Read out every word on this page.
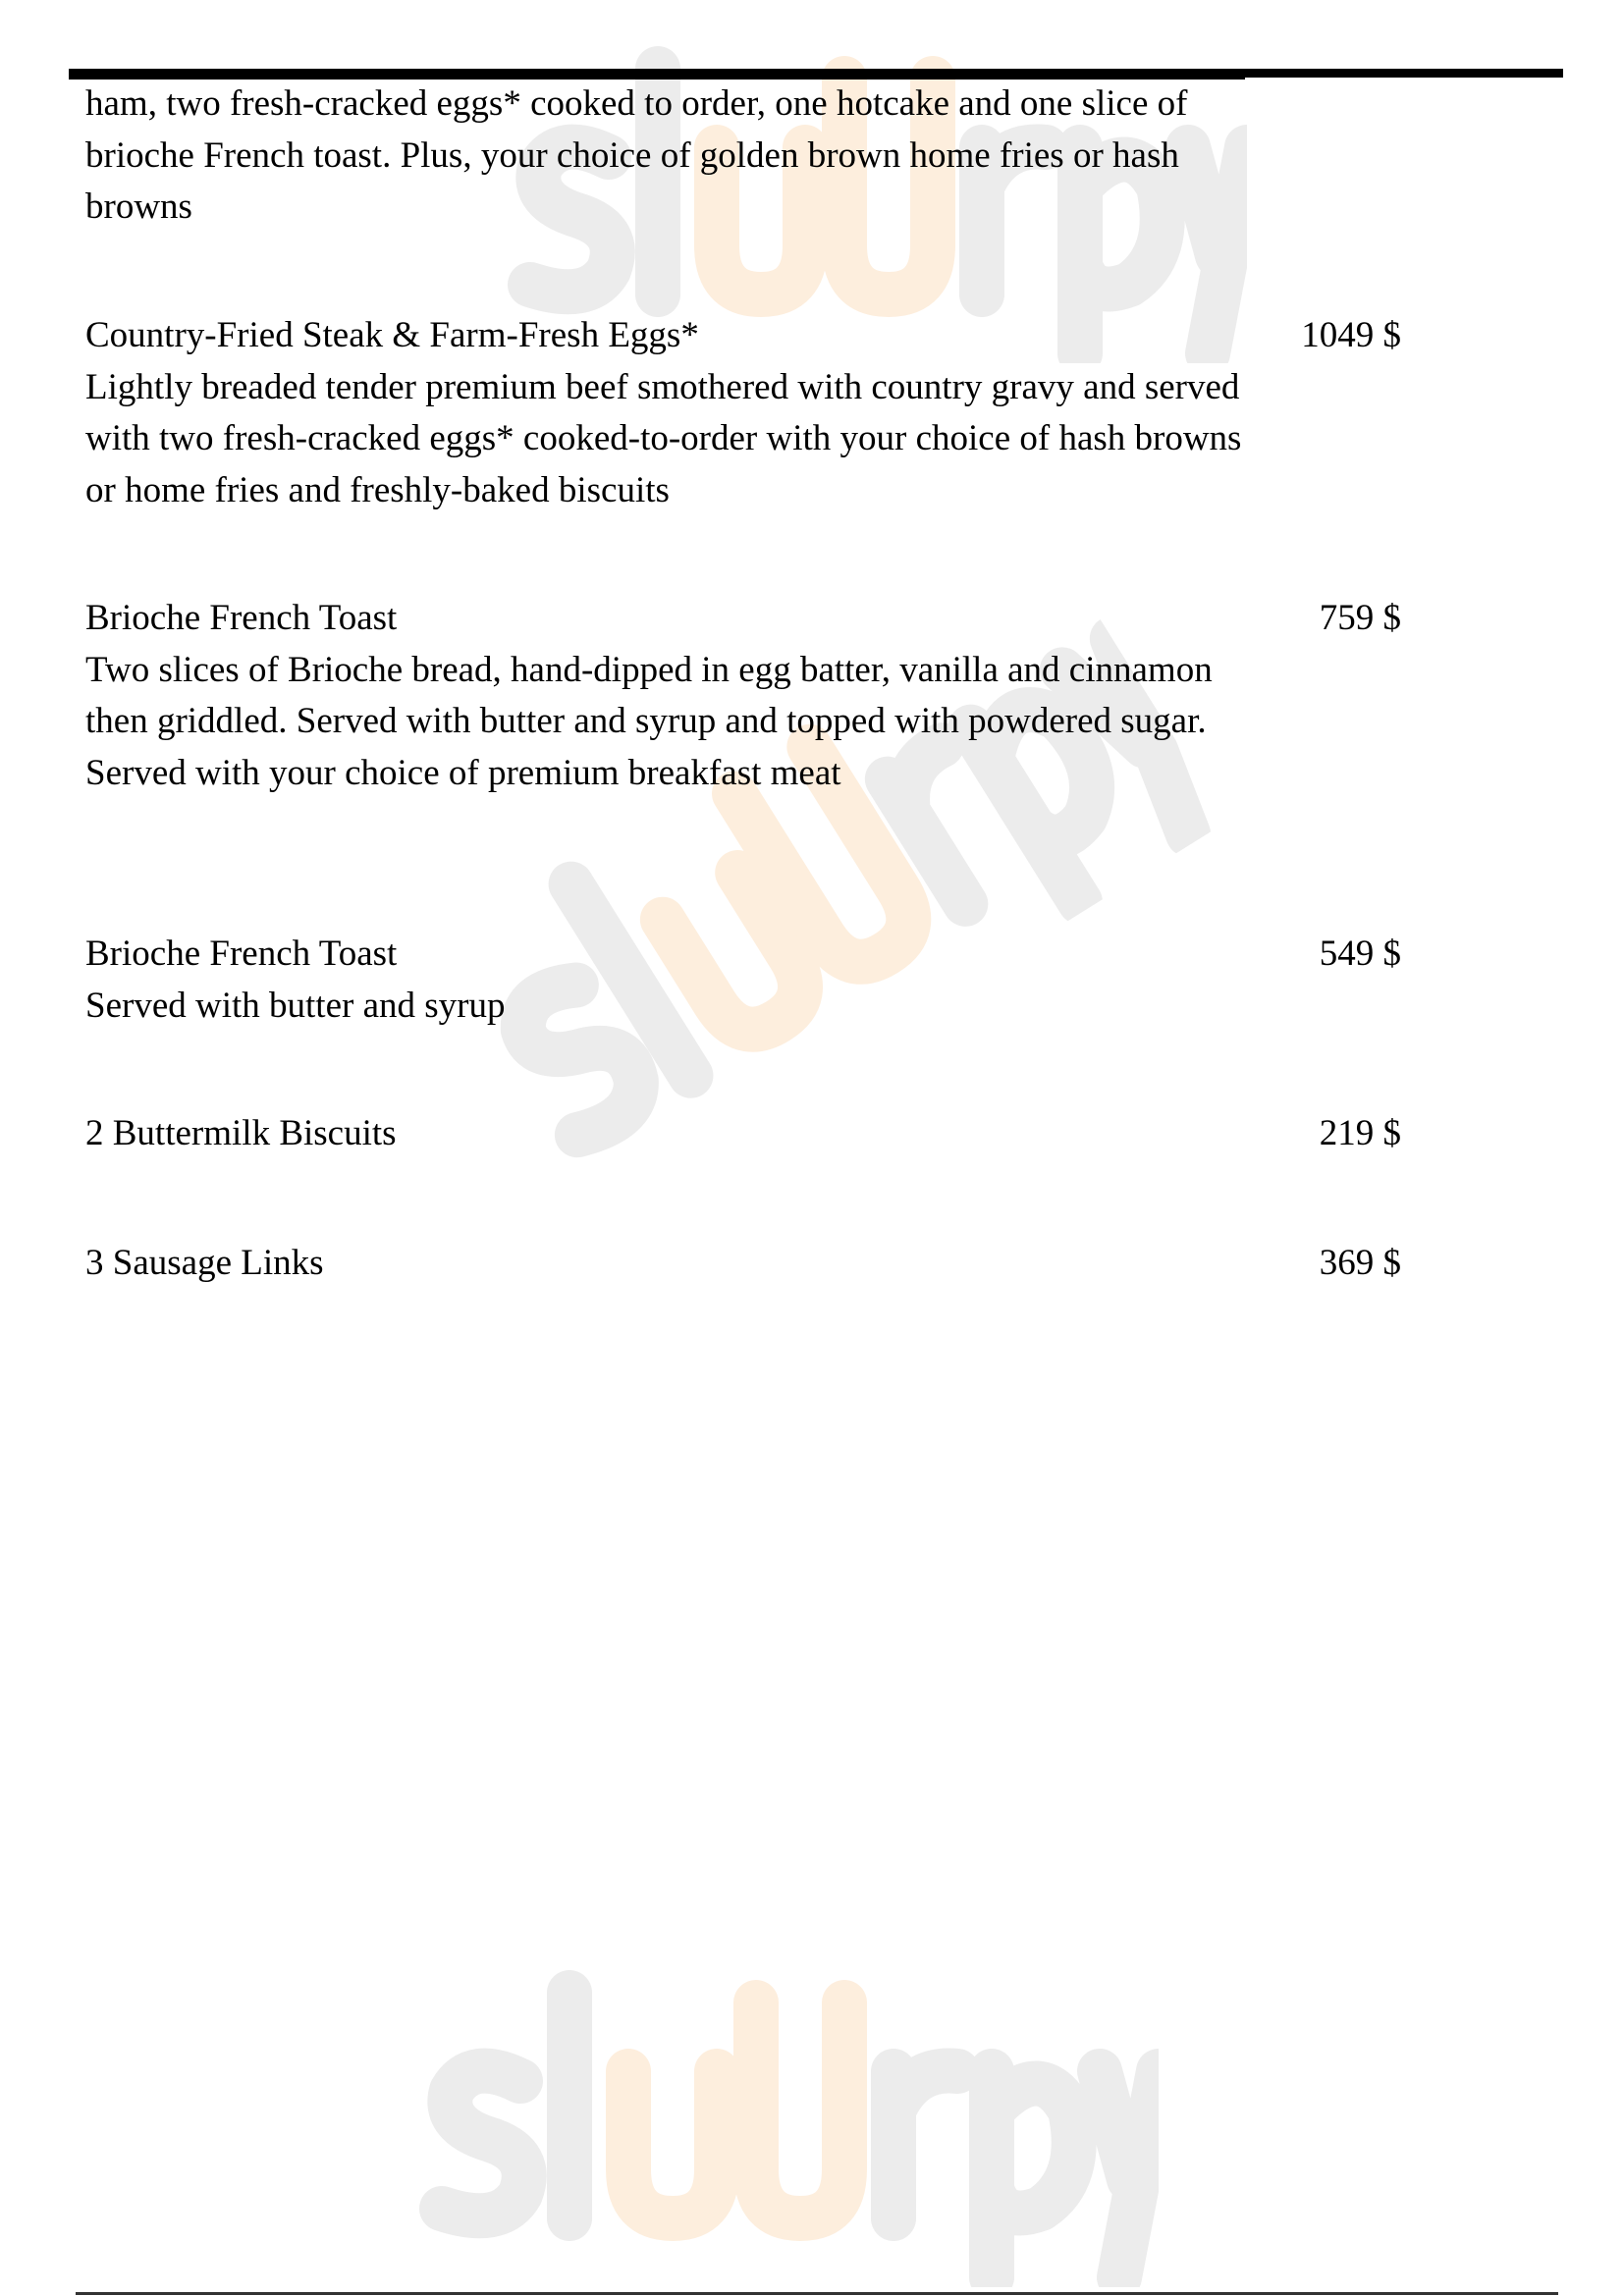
ham, two fresh-cracked eggs* cooked to order, one hotcake and one slice of brioche French toast. Plus, your choice of golden brown home fries or hash browns
Country-Fried Steak & Farm-Fresh Eggs*	1049 $
Lightly breaded tender premium beef smothered with country gravy and served with two fresh-cracked eggs* cooked-to-order with your choice of hash browns or home fries and freshly-baked biscuits
Brioche French Toast	759 $
Two slices of Brioche bread, hand-dipped in egg batter, vanilla and cinnamon then griddled. Served with butter and syrup and topped with powdered sugar. Served with your choice of premium breakfast meat
Brioche French Toast	549 $
Served with butter and syrup
2 Buttermilk Biscuits	219 $
3 Sausage Links	369 $
